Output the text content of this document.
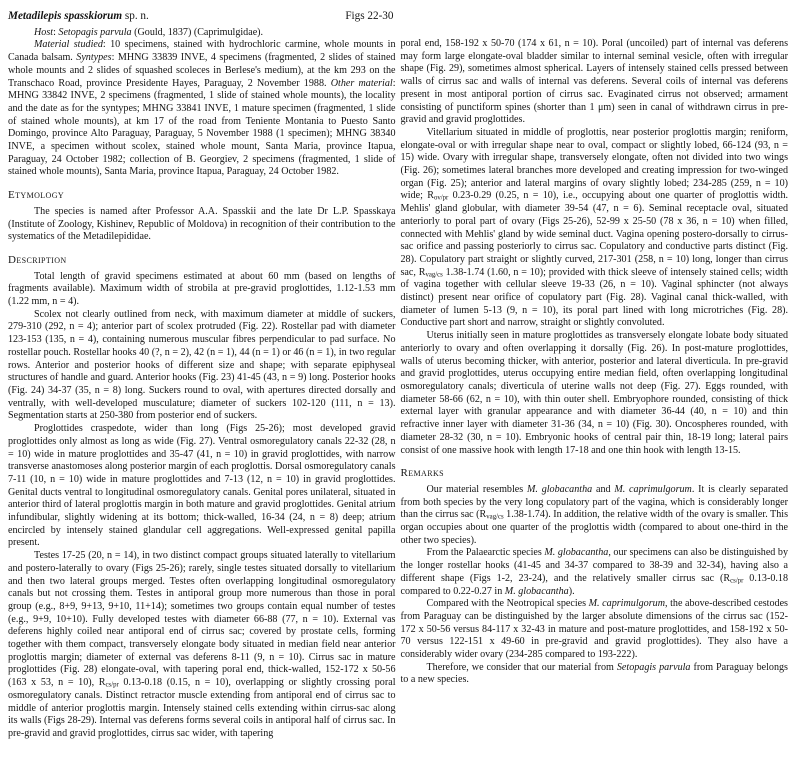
Metadilepis spasskiorum sp. n.	Figs 22-30

Host: Setopagis parvula (Gould, 1837) (Caprimulgidae).

Material studied: 10 specimens, stained with hydrochloric carmine, whole mounts in Canada balsam. Syntypes: MHNG 33839 INVE, 4 specimens (fragmented, 2 slides of stained whole mounts and 2 slides of squashed scoleces in Berlese's medium), at the km 293 on the Transchaco Road, province Presidente Hayes, Paraguay, 2 November 1988. Other material: MHNG 33842 INVE, 2 specimens (fragmented, 1 slide of stained whole mounts), the locality and the date as for the syntypes; MHNG 33841 INVE, 1 mature specimen (fragmented, 1 slide of stained whole mounts), at km 17 of the road from Teniente Montania to Puesto Santo Domingo, province Alto Paraguay, Paraguay, 5 November 1988 (1 specimen); MHNG 38340 INVE, a specimen without scolex, stained whole mount, Santa Maria, province Itapua, Paraguay, 24 October 1982; collection of B. Georgiev, 2 specimens (fragmented, 1 slide of stained whole mounts), Santa Maria, province Itapua, Paraguay, 24 October 1982.

Etymology

The species is named after Professor A.A. Spasskii and the late Dr L.P. Spasskaya (Institute of Zoology, Kishinev, Republic of Moldova) in recognition of their contribution to the systematics of the Metadilepididae.

Description

Total length of gravid specimens estimated at about 60 mm (based on lengths of fragments available). Maximum width of strobila at pre-gravid proglottides, 1.12-1.53 mm (1.22 mm, n = 4).

Scolex not clearly outlined from neck, with maximum diameter at middle of suckers, 279-310 (292, n = 4); anterior part of scolex protruded (Fig. 22). Rostellar pad with diameter 123-153 (135, n = 4), containing numerous muscular fibres perpendicular to pad surface. No rostellar pouch. Rostellar hooks 40 (?, n = 2), 42 (n = 1), 44 (n = 1) or 46 (n = 1), in two regular rows. Anterior and posterior hooks of different size and shape; with separate epiphyseal structures of handle and guard. Anterior hooks (Fig. 23) 41-45 (43, n = 9) long. Posterior hooks (Fig. 24) 34-37 (35, n = 8) long. Suckers round to oval, with apertures directed dorsally and ventrally, with well-developed musculature; diameter of suckers 102-120 (111, n = 13). Segmentation starts at 250-380 from posterior end of suckers.

Proglottides craspedote, wider than long (Figs 25-26); most developed gravid proglottides only almost as long as wide (Fig. 27). Ventral osmoregulatory canals 22-32 (28, n = 10) wide in mature proglottides and 35-47 (41, n = 10) in gravid proglottides, with narrow transverse anastomoses along posterior margin of each proglottis. Dorsal osmoregulatory canals 7-11 (10, n = 10) wide in mature proglottides and 7-13 (12, n = 10) in gravid proglottides. Genital ducts ventral to longitudinal osmoregulatory canals. Genital pores unilateral, situated in anterior third of lateral proglottis margin in both mature and gravid proglottides. Genital atrium infundibular, slightly widening at its bottom; thick-walled, 16-34 (24, n = 8) deep; atrium encircled by intensely stained glandular cell aggregations. Well-expressed genital papilla present.

Testes 17-25 (20, n = 14), in two distinct compact groups situated laterally to vitellarium and postero-laterally to ovary (Figs 25-26); rarely, single testes situated dorsally to vitellarium and then two lateral groups merged. Testes often overlapping longitudinal osmoregulatory canals but not crossing them. Testes in antiporal group more numerous than those in poral group (e.g., 8+9, 9+13, 9+10, 11+14); sometimes two groups contain equal number of testes (e.g., 9+9, 10+10). Fully developed testes with diameter 66-88 (77, n = 10). External vas deferens highly coiled near antiporal end of cirrus sac; covered by prostate cells, forming together with them compact, transversely elongate body situated in median field near anterior proglottis margin; diameter of external vas deferens 8-11 (9, n = 10). Cirrus sac in mature proglottides (Fig. 28) elongate-oval, with tapering poral end, thick-walled, 152-172 x 50-56 (163 x 53, n = 10), $R_{cs/pr}$ 0.13-0.18 (0.15, n = 10), overlapping or slightly crossing poral osmoregulatory canals. Distinct retractor muscle extending from antiporal end of cirrus sac to middle of anterior proglottis margin. Intensely stained cells extending within cirrus-sac along its walls (Figs 28-29). Internal vas deferens forms several coils in antiporal half of cirrus sac. In pre-gravid and gravid proglottides, cirrus sac wider, with tapering

poral end, 158-192 x 50-70 (174 x 61, n = 10). Poral (uncoiled) part of internal vas deferens may form large elongate-oval bladder similar to internal seminal vesicle, often with irregular shape (Fig. 29), sometimes almost spherical. Layers of intensely stained cells pressed between walls of cirrus sac and walls of internal vas deferens. Several coils of internal vas deferens present in most antiporal portion of cirrus sac. Evaginated cirrus not observed; armament consisting of punctiform spines (shorter than 1 μm) seen in canal of withdrawn cirrus in pre-gravid and gravid proglottides.

Vitellarium situated in middle of proglottis, near posterior proglottis margin; reniform, elongate-oval or with irregular shape near to oval, compact or slightly lobed, 66-124 (93, n = 15) wide. Ovary with irregular shape, transversely elongate, often not divided into two wings (Fig. 26); sometimes lateral branches more developed and creating impression for two-winged organ (Fig. 25); anterior and lateral margins of ovary slightly lobed; 234-285 (259, n = 10) wide; $R_{ov/pr}$ 0.23-0.29 (0.25, n = 10), i.e., occupying about one quarter of proglottis width. Mehlis' gland globular, with diameter 39-54 (47, n = 6). Seminal receptacle oval, situated anteriorly to poral part of ovary (Figs 25-26), 52-99 x 25-50 (78 x 36, n = 10) when filled, connected with Mehlis' gland by wide seminal duct. Vagina opening postero-dorsally to cirrus-sac orifice and passing posteriorly to cirrus sac. Copulatory and conductive parts distinct (Fig. 28). Copulatory part straight or slightly curved, 217-301 (258, n = 10) long, longer than cirrus sac, $R_{vag/cs}$ 1.38-1.74 (1.60, n = 10); provided with thick sleeve of intensely stained cells; width of vagina together with cellular sleeve 19-33 (26, n = 10). Vaginal sphincter (not always distinct) present near orifice of copulatory part (Fig. 28). Vaginal canal thick-walled, with diameter of lumen 5-13 (9, n = 10), its poral part lined with long microtriches (Fig. 28). Conductive part short and narrow, straight or slightly convoluted.

Uterus initially seen in mature proglottides as transversely elongate lobate body situated anteriorly to ovary and often overlapping it dorsally (Fig. 26). In post-mature proglottides, walls of uterus becoming thicker, with anterior, posterior and lateral diverticula. In pre-gravid and gravid proglottides, uterus occupying entire median field, often overlapping longitudinal osmoregulatory canals; diverticula of uterine walls not deep (Fig. 27). Eggs rounded, with diameter 58-66 (62, n = 10), with thin outer shell. Embryophore rounded, consisting of thick external layer with granular appearance and with diameter 36-44 (40, n = 10) and thin refractive inner layer with diameter 31-36 (34, n = 10) (Fig. 30). Oncospheres rounded, with diameter 28-32 (30, n = 10). Embryonic hooks of central pair thin, 18-19 long; lateral pairs consist of one massive hook with length 17-18 and one thin hook with length 13-15.

Remarks

Our material resembles M. globacantha and M. caprimulgorum. It is clearly separated from both species by the very long copulatory part of the vagina, which is considerably longer than the cirrus sac ($R_{vag/cs}$ 1.38-1.74). In addition, the relative width of the ovary is smaller. This organ occupies about one quarter of the proglottis width (compared to about one-third in the other two species).

From the Palaearctic species M. globacantha, our specimens can also be distinguished by the longer rostellar hooks (41-45 and 34-37 compared to 38-39 and 32-34), having also a different shape (Figs 1-2, 23-24), and the relatively smaller cirrus sac ($R_{cs/pr}$ 0.13-0.18 compared to 0.22-0.27 in M. globacantha).

Compared with the Neotropical species M. caprimulgorum, the above-described cestodes from Paraguay can be distinguished by the larger absolute dimensions of the cirrus sac (152-172 x 50-56 versus 84-117 x 32-43 in mature and post-mature proglottides, and 158-192 x 50-70 versus 122-151 x 49-60 in pre-gravid and gravid proglottides). They also have a considerably wider ovary (234-285 compared to 193-222).

Therefore, we consider that our material from Setopagis parvula from Paraguay belongs to a new species.
